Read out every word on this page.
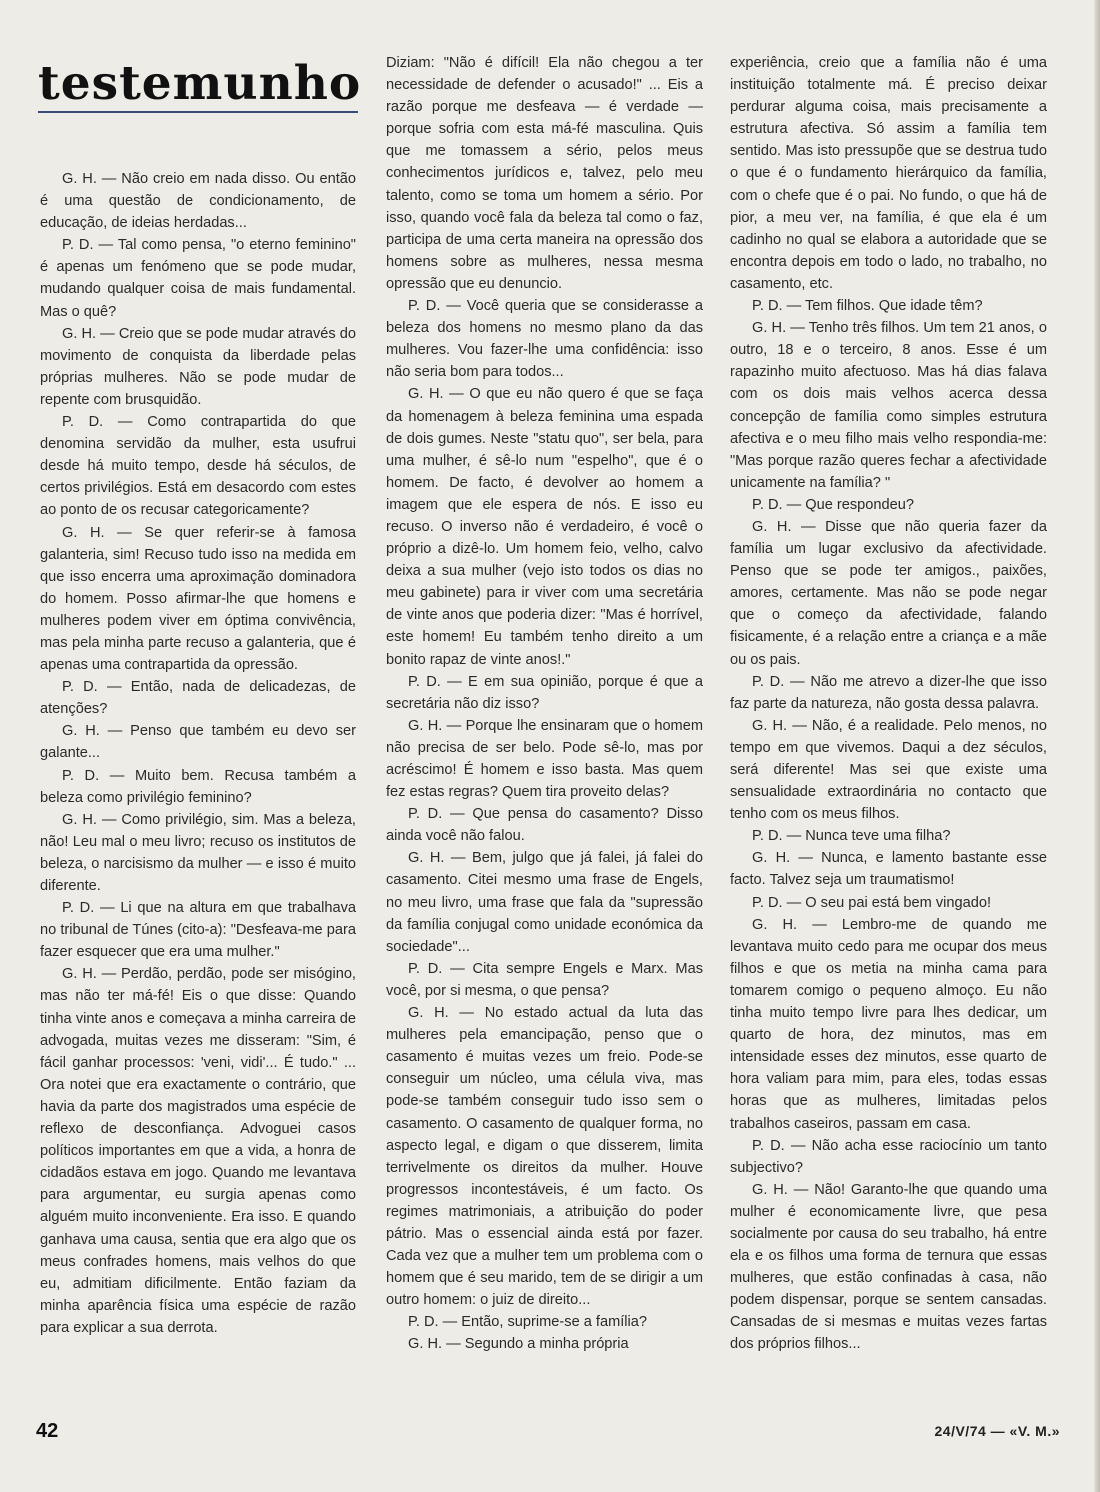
testemunho

G. H. — Não creio em nada disso. Ou então é uma questão de condicionamento, de educação, de ideias herdadas...

P. D. — Tal como pensa, "o eterno feminino" é apenas um fenómeno que se pode mudar, mudando qualquer coisa de mais fundamental. Mas o quê?

G. H. — Creio que se pode mudar através do movimento de conquista da liberdade pelas próprias mulheres. Não se pode mudar de repente com brusquidão.

P. D. — Como contrapartida do que denomina servidão da mulher, esta usufrui desde há muito tempo, desde há séculos, de certos privilégios. Está em desacordo com estes ao ponto de os recusar categoricamente?

G. H. — Se quer referir-se à famosa galanteria, sim! Recuso tudo isso na medida em que isso encerra uma aproximação dominadora do homem. Posso afirmar-lhe que homens e mulheres podem viver em óptima convivência, mas pela minha parte recuso a galanteria, que é apenas uma contrapartida da opressão.

P. D. — Então, nada de delicadezas, de atenções?

G. H. — Penso que também eu devo ser galante...

P. D. — Muito bem. Recusa também a beleza como privilégio feminino?

G. H. — Como privilégio, sim. Mas a beleza, não! Leu mal o meu livro; recuso os institutos de beleza, o narcisismo da mulher — e isso é muito diferente.

P. D. — Li que na altura em que trabalhava no tribunal de Túnes (cito-a): "Desfeava-me para fazer esquecer que era uma mulher."

G. H. — Perdão, perdão, pode ser misógino, mas não ter má-fé! Eis o que disse: Quando tinha vinte anos e começava a minha carreira de advogada, muitas vezes me disseram: "Sim, é fácil ganhar processos: 'veni, vidi'... É tudo." ... Ora notei que era exactamente o contrário, que havia da parte dos magistrados uma espécie de reflexo de desconfiança. Advoguei casos políticos importantes em que a vida, a honra de cidadãos estava em jogo. Quando me levantava para argumentar, eu surgia apenas como alguém muito inconveniente. Era isso. E quando ganhava uma causa, sentia que era algo que os meus confrades homens, mais velhos do que eu, admitiam dificilmente. Então faziam da minha aparência física uma espécie de razão para explicar a sua derrota.

Diziam: "Não é difícil! Ela não chegou a ter necessidade de defender o acusado!" ... Eis a razão porque me desfeava — é verdade — porque sofria com esta má-fé masculina. Quis que me tomassem a sério, pelos meus conhecimentos jurídicos e, talvez, pelo meu talento, como se toma um homem a sério. Por isso, quando você fala da beleza tal como o faz, participa de uma certa maneira na opressão dos homens sobre as mulheres, nessa mesma opressão que eu denuncio.

P. D. — Você queria que se considerasse a beleza dos homens no mesmo plano da das mulheres. Vou fazer-lhe uma confidência: isso não seria bom para todos...

G. H. — O que eu não quero é que se faça da homenagem à beleza feminina uma espada de dois gumes. Neste "statu quo", ser bela, para uma mulher, é sê-lo num "espelho", que é o homem. De facto, é devolver ao homem a imagem que ele espera de nós. E isso eu recuso. O inverso não é verdadeiro, é você o próprio a dizê-lo. Um homem feio, velho, calvo deixa a sua mulher (vejo isto todos os dias no meu gabinete) para ir viver com uma secretária de vinte anos que poderia dizer: "Mas é horrível, este homem! Eu também tenho direito a um bonito rapaz de vinte anos!."

P. D. — E em sua opinião, porque é que a secretária não diz isso?

G. H. — Porque lhe ensinaram que o homem não precisa de ser belo. Pode sê-lo, mas por acréscimo! É homem e isso basta. Mas quem fez estas regras? Quem tira proveito delas?

P. D. — Que pensa do casamento? Disso ainda você não falou.

G. H. — Bem, julgo que já falei, já falei do casamento. Citei mesmo uma frase de Engels, no meu livro, uma frase que fala da "supressão da família conjugal como unidade económica da sociedade"...

P. D. — Cita sempre Engels e Marx. Mas você, por si mesma, o que pensa?

G. H. — No estado actual da luta das mulheres pela emancipação, penso que o casamento é muitas vezes um freio. Pode-se conseguir um núcleo, uma célula viva, mas pode-se também conseguir tudo isso sem o casamento. O casamento de qualquer forma, no aspecto legal, e digam o que disserem, limita terrivelmente os direitos da mulher. Houve progressos incontestáveis, é um facto. Os regimes matrimoniais, a atribuição do poder pátrio. Mas o essencial ainda está por fazer. Cada vez que a mulher tem um problema com o homem que é seu marido, tem de se dirigir a um outro homem: o juiz de direito...

P. D. — Então, suprime-se a família?

G. H. — Segundo a minha própria

experiência, creio que a família não é uma instituição totalmente má. É preciso deixar perdurar alguma coisa, mais precisamente a estrutura afectiva. Só assim a família tem sentido. Mas isto pressupõe que se destrua tudo o que é o fundamento hierárquico da família, com o chefe que é o pai. No fundo, o que há de pior, a meu ver, na família, é que ela é um cadinho no qual se elabora a autoridade que se encontra depois em todo o lado, no trabalho, no casamento, etc.

P. D. — Tem filhos. Que idade têm?

G. H. — Tenho três filhos. Um tem 21 anos, o outro, 18 e o terceiro, 8 anos. Esse é um rapazinho muito afectuoso. Mas há dias falava com os dois mais velhos acerca dessa concepção de família como simples estrutura afectiva e o meu filho mais velho respondia-me: "Mas porque razão queres fechar a afectividade unicamente na família? "

P. D. — Que respondeu?

G. H. — Disse que não queria fazer da família um lugar exclusivo da afectividade. Penso que se pode ter amigos., paixões, amores, certamente. Mas não se pode negar que o começo da afectividade, falando fisicamente, é a relação entre a criança e a mãe ou os pais.

P. D. — Não me atrevo a dizer-lhe que isso faz parte da natureza, não gosta dessa palavra.

G. H. — Não, é a realidade. Pelo menos, no tempo em que vivemos. Daqui a dez séculos, será diferente! Mas sei que existe uma sensualidade extraordinária no contacto que tenho com os meus filhos.

P. D. — Nunca teve uma filha?

G. H. — Nunca, e lamento bastante esse facto. Talvez seja um traumatismo!

P. D. — O seu pai está bem vingado!

G. H. — Lembro-me de quando me levantava muito cedo para me ocupar dos meus filhos e que os metia na minha cama para tomarem comigo o pequeno almoço. Eu não tinha muito tempo livre para lhes dedicar, um quarto de hora, dez minutos, mas em intensidade esses dez minutos, esse quarto de hora valiam para mim, para eles, todas essas horas que as mulheres, limitadas pelos trabalhos caseiros, passam em casa.

P. D. — Não acha esse raciocínio um tanto subjectivo?

G. H. — Não! Garanto-lhe que quando uma mulher é economicamente livre, que pesa socialmente por causa do seu trabalho, há entre ela e os filhos uma forma de ternura que essas mulheres, que estão confinadas à casa, não podem dispensar, porque se sentem cansadas. Cansadas de si mesmas e muitas vezes fartas dos próprios filhos...

42	24/V/74 — «V. M.»
